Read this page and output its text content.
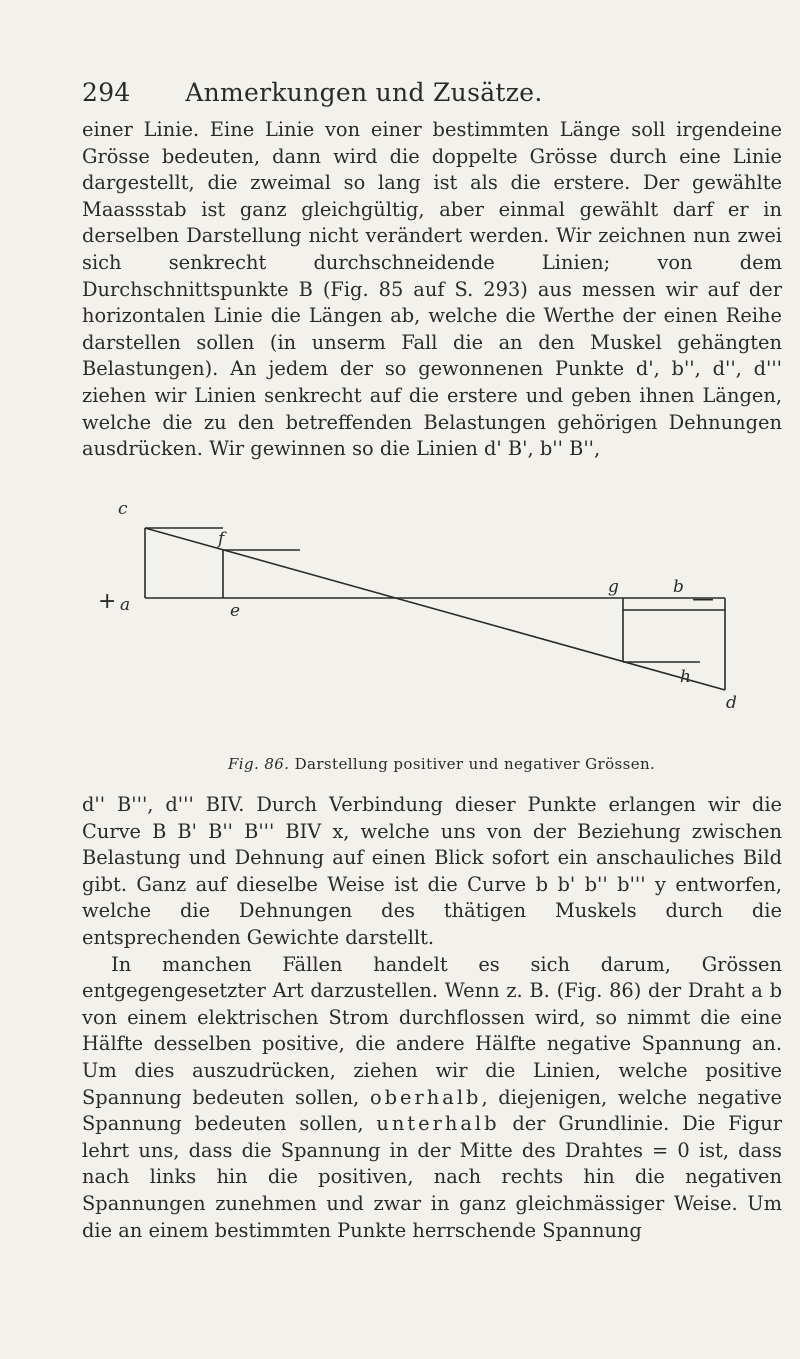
294 Anmerkungen und Zusätze.

einer Linie. Eine Linie von einer bestimmten Länge soll irgendeine Grösse bedeuten, dann wird die doppelte Grösse durch eine Linie dargestellt, die zweimal so lang ist als die erstere. Der gewählte Maassstab ist ganz gleichgültig, aber einmal gewählt darf er in derselben Darstellung nicht verändert werden. Wir zeichnen nun zwei sich senkrecht durchschneidende Linien; von dem Durchschnittspunkte B (Fig. 85 auf S. 293) aus messen wir auf der horizontalen Linie die Längen ab, welche die Werthe der einen Reihe darstellen sollen (in unserm Fall die an den Muskel gehängten Belastungen). An jedem der so gewonnenen Punkte d', b'', d'', d''' ziehen wir Linien senkrecht auf die erstere und geben ihnen Längen, welche die zu den betreffenden Belastungen gehörigen Dehnungen ausdrücken. Wir gewinnen so die Linien d' B', b'' B'',

c
f
g	b
a	e
h
d
+	—
Fig. 86. Darstellung positiver und negativer Grössen.

d'' B''', d''' BIV. Durch Verbindung dieser Punkte erlangen wir die Curve B B' B'' B''' BIV x, welche uns von der Beziehung zwischen Belastung und Dehnung auf einen Blick sofort ein anschauliches Bild gibt. Ganz auf dieselbe Weise ist die Curve b b' b'' b''' y entworfen, welche die Dehnungen des thätigen Muskels durch die entsprechenden Gewichte darstellt.

In manchen Fällen handelt es sich darum, Grössen entgegengesetzter Art darzustellen. Wenn z. B. (Fig. 86) der Draht a b von einem elektrischen Strom durchflossen wird, so nimmt die eine Hälfte desselben positive, die andere Hälfte negative Spannung an. Um dies auszudrücken, ziehen wir die Linien, welche positive Spannung bedeuten sollen, oberhalb, diejenigen, welche negative Spannung bedeuten sollen, unterhalb der Grundlinie. Die Figur lehrt uns, dass die Spannung in der Mitte des Drahtes = 0 ist, dass nach links hin die positiven, nach rechts hin die negativen Spannungen zunehmen und zwar in ganz gleichmässiger Weise. Um die an einem bestimmten Punkte herrschende Spannung
